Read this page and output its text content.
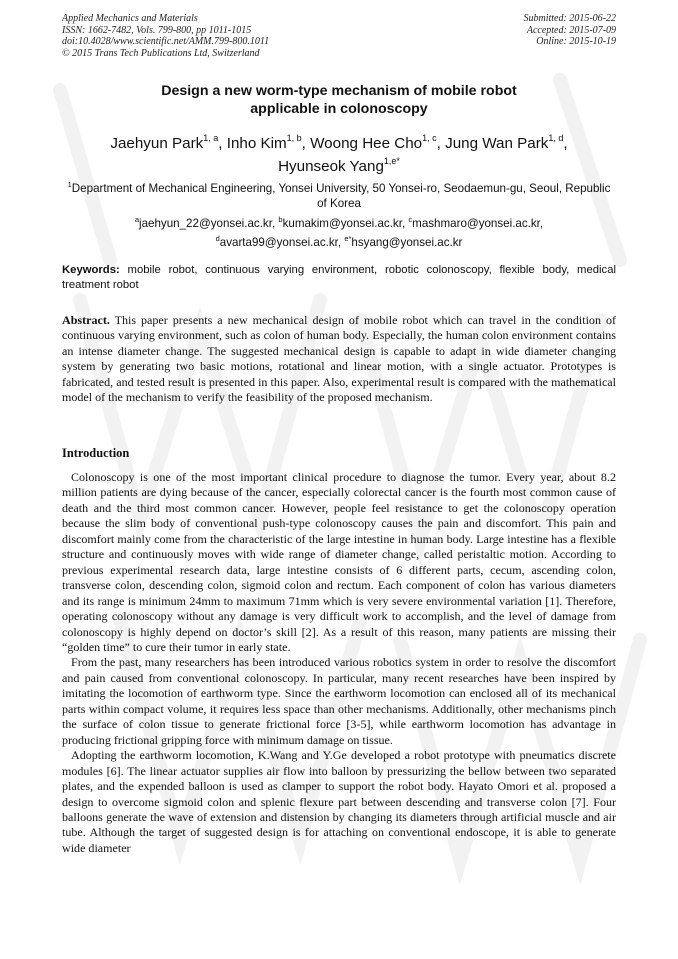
Applied Mechanics and Materials
ISSN: 1662-7482, Vols. 799-800, pp 1011-1015
doi:10.4028/www.scientific.net/AMM.799-800.1011
© 2015 Trans Tech Publications Ltd, Switzerland
Submitted: 2015-06-22
Accepted: 2015-07-09
Online: 2015-10-19
Design a new worm-type mechanism of mobile robot
applicable in colonoscopy
Jaehyun Park$^{1, a}$, Inho Kim$^{1, b}$, Woong Hee Cho$^{1, c}$, Jung Wan Park$^{1, d}$,
Hyunseok Yang$^{1,e*}$
$^1$Department of Mechanical Engineering, Yonsei University, 50 Yonsei-ro, Seodaemun-gu, Seoul, Republic of Korea
$^a$jaehyun_22@yonsei.ac.kr, $^b$kumakim@yonsei.ac.kr, $^c$mashmaro@yonsei.ac.kr,
$^d$avarta99@yonsei.ac.kr, $^{e*}$hsyang@yonsei.ac.kr
Keywords: mobile robot, continuous varying environment, robotic colonoscopy, flexible body, medical treatment robot
Abstract. This paper presents a new mechanical design of mobile robot which can travel in the condition of continuous varying environment, such as colon of human body. Especially, the human colon environment contains an intense diameter change. The suggested mechanical design is capable to adapt in wide diameter changing system by generating two basic motions, rotational and linear motion, with a single actuator. Prototypes is fabricated, and tested result is presented in this paper. Also, experimental result is compared with the mathematical model of the mechanism to verify the feasibility of the proposed mechanism.
Introduction

Colonoscopy is one of the most important clinical procedure to diagnose the tumor. Every year, about 8.2 million patients are dying because of the cancer, especially colorectal cancer is the fourth most common cause of death and the third most common cancer. However, people feel resistance to get the colonoscopy operation because the slim body of conventional push-type colonoscopy causes the pain and discomfort. This pain and discomfort mainly come from the characteristic of the large intestine in human body. Large intestine has a flexible structure and continuously moves with wide range of diameter change, called peristaltic motion. According to previous experimental research data, large intestine consists of 6 different parts, cecum, ascending colon, transverse colon, descending colon, sigmoid colon and rectum. Each component of colon has various diameters and its range is minimum 24mm to maximum 71mm which is very severe environmental variation [1]. Therefore, operating colonoscopy without any damage is very difficult work to accomplish, and the level of damage from colonoscopy is highly depend on doctor’s skill [2]. As a result of this reason, many patients are missing their “golden time” to cure their tumor in early state.

From the past, many researchers has been introduced various robotics system in order to resolve the discomfort and pain caused from conventional colonoscopy. In particular, many recent researches have been inspired by imitating the locomotion of earthworm type. Since the earthworm locomotion can enclosed all of its mechanical parts within compact volume, it requires less space than other mechanisms. Additionally, other mechanisms pinch the surface of colon tissue to generate frictional force [3-5], while earthworm locomotion has advantage in producing frictional gripping force with minimum damage on tissue.

Adopting the earthworm locomotion, K.Wang and Y.Ge developed a robot prototype with pneumatics discrete modules [6]. The linear actuator supplies air flow into balloon by pressurizing the bellow between two separated plates, and the expended balloon is used as clamper to support the robot body. Hayato Omori et al. proposed a design to overcome sigmoid colon and splenic flexure part between descending and transverse colon [7]. Four balloons generate the wave of extension and distension by changing its diameters through artificial muscle and air tube. Although the target of suggested design is for attaching on conventional endoscope, it is able to generate wide diameter
